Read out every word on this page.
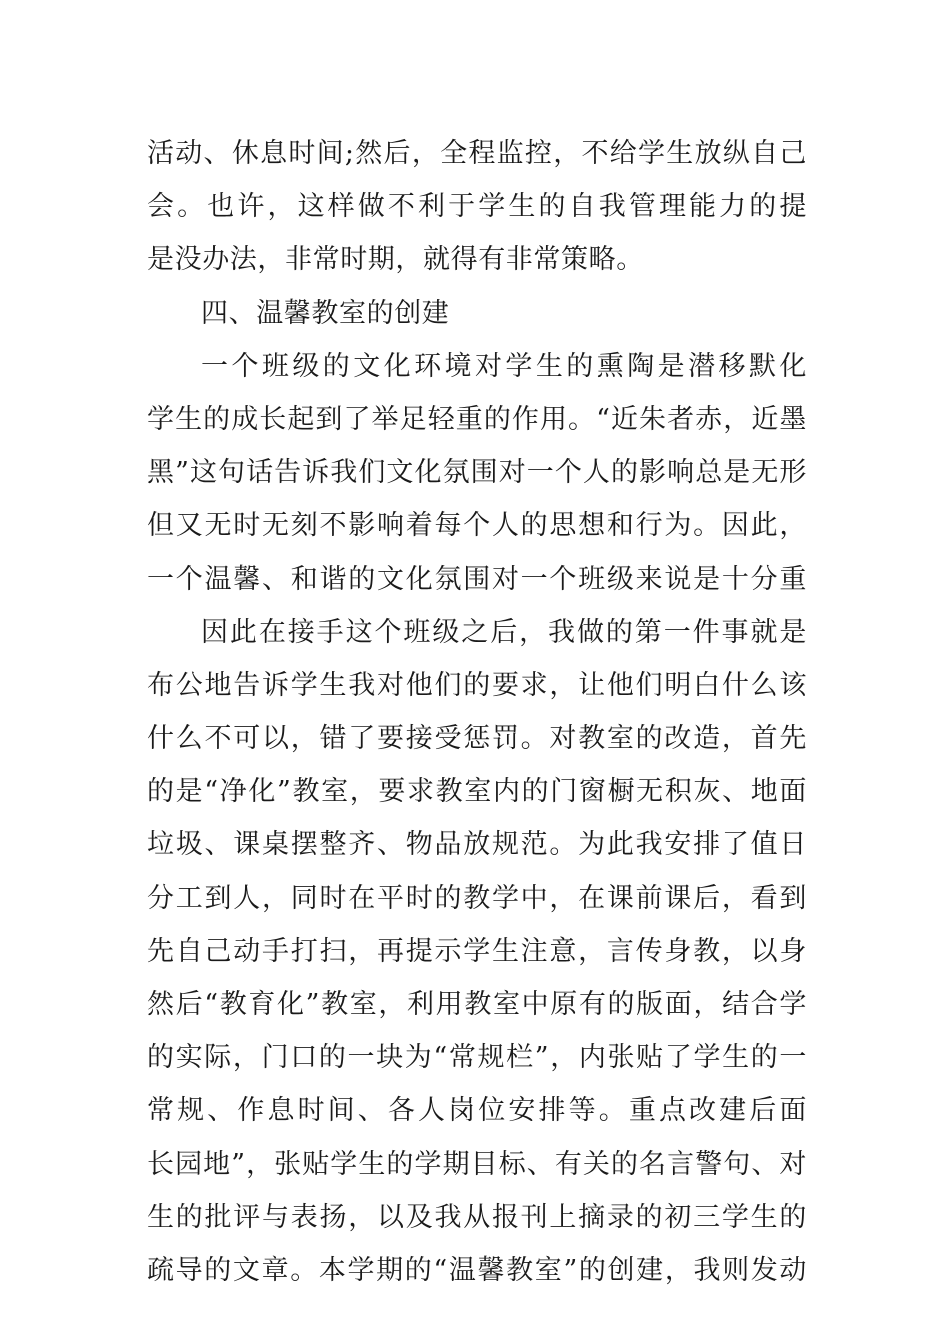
活动、休息时间;然后，全程监控，不给学生放纵自己
会。也许，这样做不利于学生的自我管理能力的提
是没办法，非常时期，就得有非常策略。
四、温馨教室的创建
一个班级的文化环境对学生的熏陶是潜移默化
学生的成长起到了举足轻重的作用。“近朱者赤，近墨
黑”这句话告诉我们文化氛围对一个人的影响总是无形
但又无时无刻不影响着每个人的思想和行为。因此，
一个温馨、和谐的文化氛围对一个班级来说是十分重
因此在接手这个班级之后，我做的第一件事就是
布公地告诉学生我对他们的要求，让他们明白什么该
什么不可以，错了要接受惩罚。对教室的改造，首先
的是“净化”教室，要求教室内的门窗橱无积灰、地面
垃圾、课桌摆整齐、物品放规范。为此我安排了值日
分工到人，同时在平时的教学中，在课前课后，看到
先自己动手打扫，再提示学生注意，言传身教，以身
然后“教育化”教室，利用教室中原有的版面，结合学
的实际，门口的一块为“常规栏”，内张贴了学生的一
常规、作息时间、各人岗位安排等。重点改建后面
长园地”，张贴学生的学期目标、有关的名言警句、对
生的批评与表扬，以及我从报刊上摘录的初三学生的
疏导的文章。本学期的“温馨教室”的创建，我则发动
